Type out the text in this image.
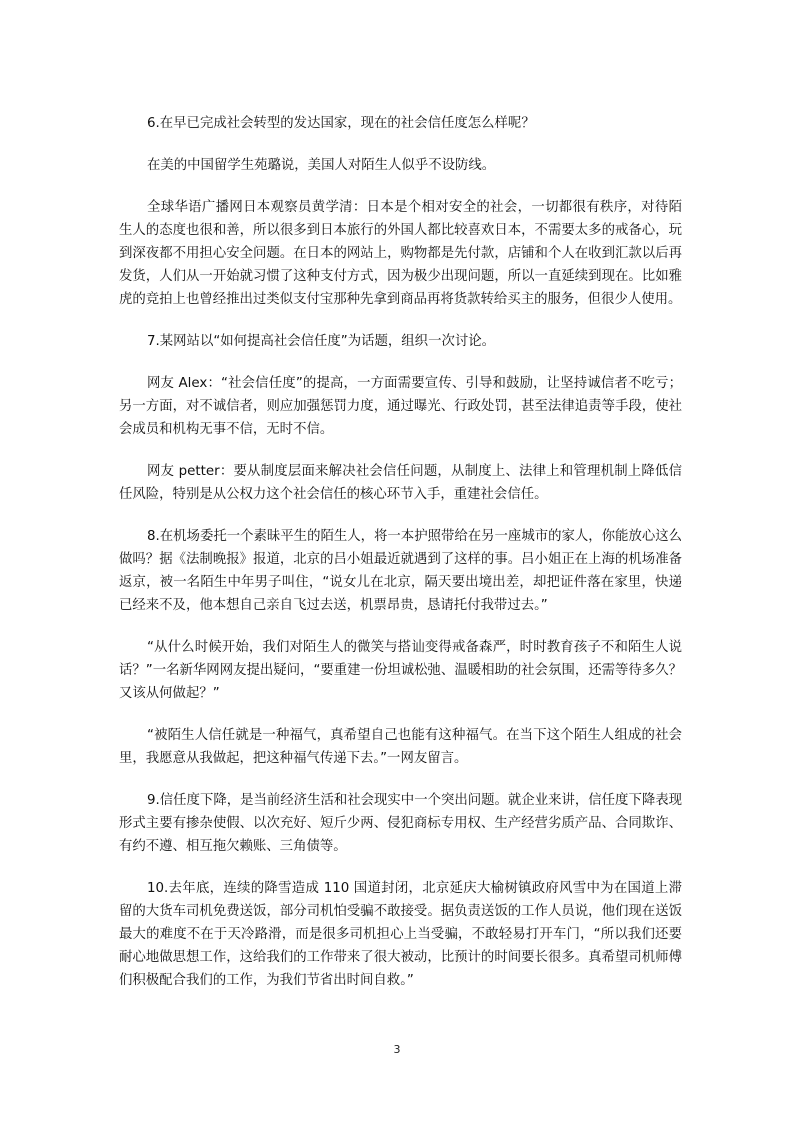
6.在早已完成社会转型的发达国家，现在的社会信任度怎么样呢？

在美的中国留学生苑璐说，美国人对陌生人似乎不设防线。

全球华语广播网日本观察员黄学清：日本是个相对安全的社会，一切都很有秩序，对待陌生人的态度也很和善，所以很多到日本旅行的外国人都比较喜欢日本，不需要太多的戒备心，玩到深夜都不用担心安全问题。在日本的网站上，购物都是先付款，店铺和个人在收到汇款以后再发货，人们从一开始就习惯了这种支付方式，因为极少出现问题，所以一直延续到现在。比如雅虎的竞拍上也曾经推出过类似支付宝那种先拿到商品再将货款转给买主的服务，但很少人使用。

7.某网站以“如何提高社会信任度”为话题，组织一次讨论。

网友 Alex：“社会信任度”的提高，一方面需要宣传、引导和鼓励，让坚持诚信者不吃亏；另一方面，对不诚信者，则应加强惩罚力度，通过曝光、行政处罚，甚至法律追责等手段，使社会成员和机构无事不信，无时不信。

网友 petter：要从制度层面来解决社会信任问题，从制度上、法律上和管理机制上降低信任风险，特别是从公权力这个社会信任的核心环节入手，重建社会信任。

8.在机场委托一个素昧平生的陌生人，将一本护照带给在另一座城市的家人，你能放心这么做吗？据《法制晚报》报道，北京的吕小姐最近就遇到了这样的事。吕小姐正在上海的机场准备返京，被一名陌生中年男子叫住，“说女儿在北京，隔天要出境出差，却把证件落在家里，快递已经来不及，他本想自己亲自飞过去送，机票昂贵，恳请托付我带过去。”

“从什么时候开始，我们对陌生人的微笑与搭讪变得戒备森严，时时教育孩子不和陌生人说话？”一名新华网网友提出疑问，“要重建一份坦诚松弛、温暖相助的社会氛围，还需等待多久？又该从何做起？”

“被陌生人信任就是一种福气，真希望自己也能有这种福气。在当下这个陌生人组成的社会里，我愿意从我做起，把这种福气传递下去。”一网友留言。

9.信任度下降，是当前经济生活和社会现实中一个突出问题。就企业来讲，信任度下降表现形式主要有掺杂使假、以次充好、短斤少两、侵犯商标专用权、生产经营劣质产品、合同欺诈、有约不遵、相互拖欠赖账、三角债等。

10.去年底，连续的降雪造成 110 国道封闭，北京延庆大榆树镇政府风雪中为在国道上滞留的大货车司机免费送饭，部分司机怕受骗不敢接受。据负责送饭的工作人员说，他们现在送饭最大的难度不在于天冷路滑，而是很多司机担心上当受骗，不敢轻易打开车门，“所以我们还要耐心地做思想工作，这给我们的工作带来了很大被动，比预计的时间要长很多。真希望司机师傅们积极配合我们的工作，为我们节省出时间自救。”

3
